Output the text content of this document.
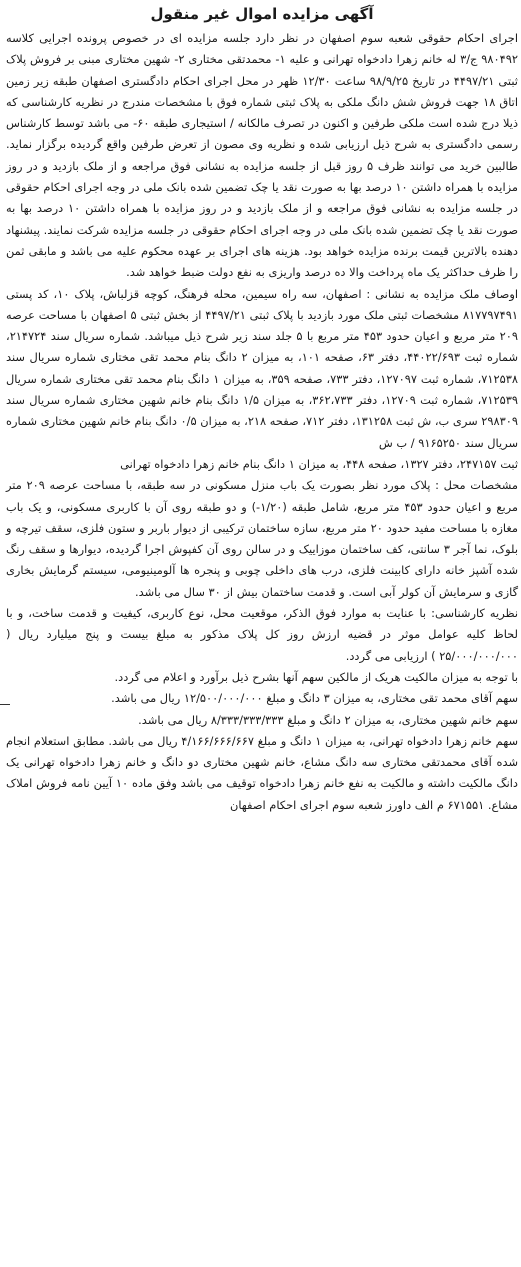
آگهی مزایده اموال غیر منقول

اجرای احکام حقوقی شعبه سوم اصفهان در نظر دارد جلسه مزایده ای در خصوص پرونده اجرایی کلاسه ۹۸۰۴۹۲ ج/۳ له خانم زهرا دادخواه تهرانی و علیه ۱- محمدتقی مختاری ۲- شهین مختاری مبنی بر فروش پلاک ثبتی ۴۴۹۷/۲۱ در تاریخ ۹۸/۹/۲۵ ساعت ۱۲/۳۰ ظهر در محل اجرای احکام دادگستری اصفهان طبقه زیر زمین اتاق ۱۸ جهت فروش شش دانگ ملکی به پلاک ثبتی شماره فوق با مشخصات مندرج در نظریه کارشناسی که ذیلا درج شده است ملکی طرفین و اکنون در تصرف مالکانه / استیجاری طبقه ۶۰- می باشد توسط کارشناس رسمی دادگستری به شرح ذیل ارزیابی شده و نظریه وی مصون از تعرض طرفین واقع گردیده برگزار نماید. طالبین خرید می توانند ظرف ۵ روز قبل از جلسه مزایده به نشانی فوق مراجعه و از ملک بازدید و در روز مزایده با همراه داشتن ۱۰ درصد بها به صورت نقد یا چک تضمین شده بانک ملی در وجه اجرای احکام حقوقی در جلسه مزایده به نشانی فوق مراجعه و از ملک بازدید و در روز مزایده با همراه داشتن ۱۰ درصد بها به صورت نقد یا چک تضمین شده بانک ملی در وجه اجرای احکام حقوقی در جلسه مزایده شرکت نمایند. پیشنهاد دهنده بالاترین قیمت برنده مزایده خواهد بود. هزینه های اجرای بر عهده محکوم علیه می باشد و مابقی ثمن را ظرف حداکثر یک ماه پرداخت والا ده درصد واریزی به نفع دولت ضبط خواهد شد.

اوصاف ملک مزایده به نشانی : اصفهان، سه راه سیمین، محله فرهنگ، کوچه قزلباش، پلاک ۱۰، کد پستی ۸۱۷۷۹۷۴۹۱ مشخصات ثبتی ملک مورد بازدید با پلاک ثبتی ۴۴۹۷/۲۱ از بخش ثبتی ۵ اصفهان با مساحت عرصه ۲۰۹ متر مربع و اعیان حدود ۴۵۳ متر مربع با ۵ جلد سند زیر شرح ذیل میباشد. شماره سریال سند ۲۱۴۷۲۴، شماره ثبت ۴۴۰۲۲/۶۹۳، دفتر ۶۳، صفحه ۱۰۱، به میزان ۲ دانگ بنام محمد تقی مختاری شماره سریال سند ۷۱۲۵۳۸، شماره ثبت ۱۲۷۰۹۷، دفتر ۷۳۳، صفحه ۳۵۹، به میزان ۱ دانگ بنام محمد تقی مختاری شماره سریال ۷۱۲۵۳۹، شماره ثبت ۱۲۷۰۹، دفتر ۳۶۲،۷۳۳، به میزان ۱/۵ دانگ بنام خانم شهین مختاری شماره سریال سند ۲۹۸۳۰۹ سری ب، ش ثبت ۱۳۱۲۵۸، دفتر ۷۱۲، صفحه ۲۱۸، به میزان ۰/۵ دانگ بنام خانم شهین مختاری شماره سریال سند ۹۱۶۵۲۵۰ / ب ش

ثبت ۲۴۷۱۵۷، دفتر ۱۳۲۷، صفحه ۴۴۸، به میزان ۱ دانگ بنام خانم زهرا دادخواه تهرانی

مشخصات محل : پلاک مورد نظر بصورت یک باب منزل مسکونی در سه طبقه، با مساحت عرصه ۲۰۹ متر مربع و اعیان حدود ۴۵۳ متر مربع، شامل طبقه (۱/۲۰-) و دو طبقه روی آن با کاربری مسکونی، و یک باب مغازه با مساحت مفید حدود ۲۰ متر مربع، سازه ساختمان ترکیبی از دیوار باربر و ستون فلزی، سقف تیرچه و بلوک، نما آجر ۳ سانتی، کف ساختمان موزاییک و در سالن روی آن کفپوش اجرا گردیده، دیوارها و سقف رنگ شده آشپز خانه دارای کابینت فلزی، درب های داخلی چوبی و پنجره ها آلومینیومی، سیستم گرمایش بخاری گازی و سرمایش آن کولر آبی است. و قدمت ساختمان بیش از ۳۰ سال می باشد.

نظریه کارشناسی: با عنایت به موارد فوق الذکر، موقعیت محل، نوع کاربری، کیفیت و قدمت ساخت، و با لحاظ کلیه عوامل موثر در قضیه ارزش روز کل پلاک مذکور به مبلغ بیست و پنج میلیارد ریال ( ۲۵/۰۰۰/۰۰۰/۰۰۰ ) ارزیابی می گردد.

با توجه به میزان مالکیت هریک از مالکین سهم آنها بشرح ذیل برآورد و اعلام می گردد.

سهم آقای محمد تقی مختاری، به میزان ۳ دانگ و مبلغ ۱۲/۵۰۰/۰۰۰/۰۰۰ ریال می باشد.

سهم خانم شهین مختاری، به میزان ۲ دانگ و مبلغ ۸/۳۳۳/۳۳۳/۳۳۳ ریال می باشد.

سهم خانم زهرا دادخواه تهرانی، به میزان ۱ دانگ و مبلغ ۴/۱۶۶/۶۶۶/۶۶۷ ریال می باشد. مطابق استعلام انجام شده آقای محمدتقی مختاری سه دانگ مشاع، خانم شهین مختاری دو دانگ و خانم زهرا دادخواه تهرانی یک دانگ مالکیت داشته و مالکیت به نفع خانم زهرا دادخواه توقیف می باشد وفق ماده ۱۰ آیین نامه فروش املاک مشاع. ۶۷۱۵۵۱ م الف داورز شعبه سوم اجرای احکام اصفهان
